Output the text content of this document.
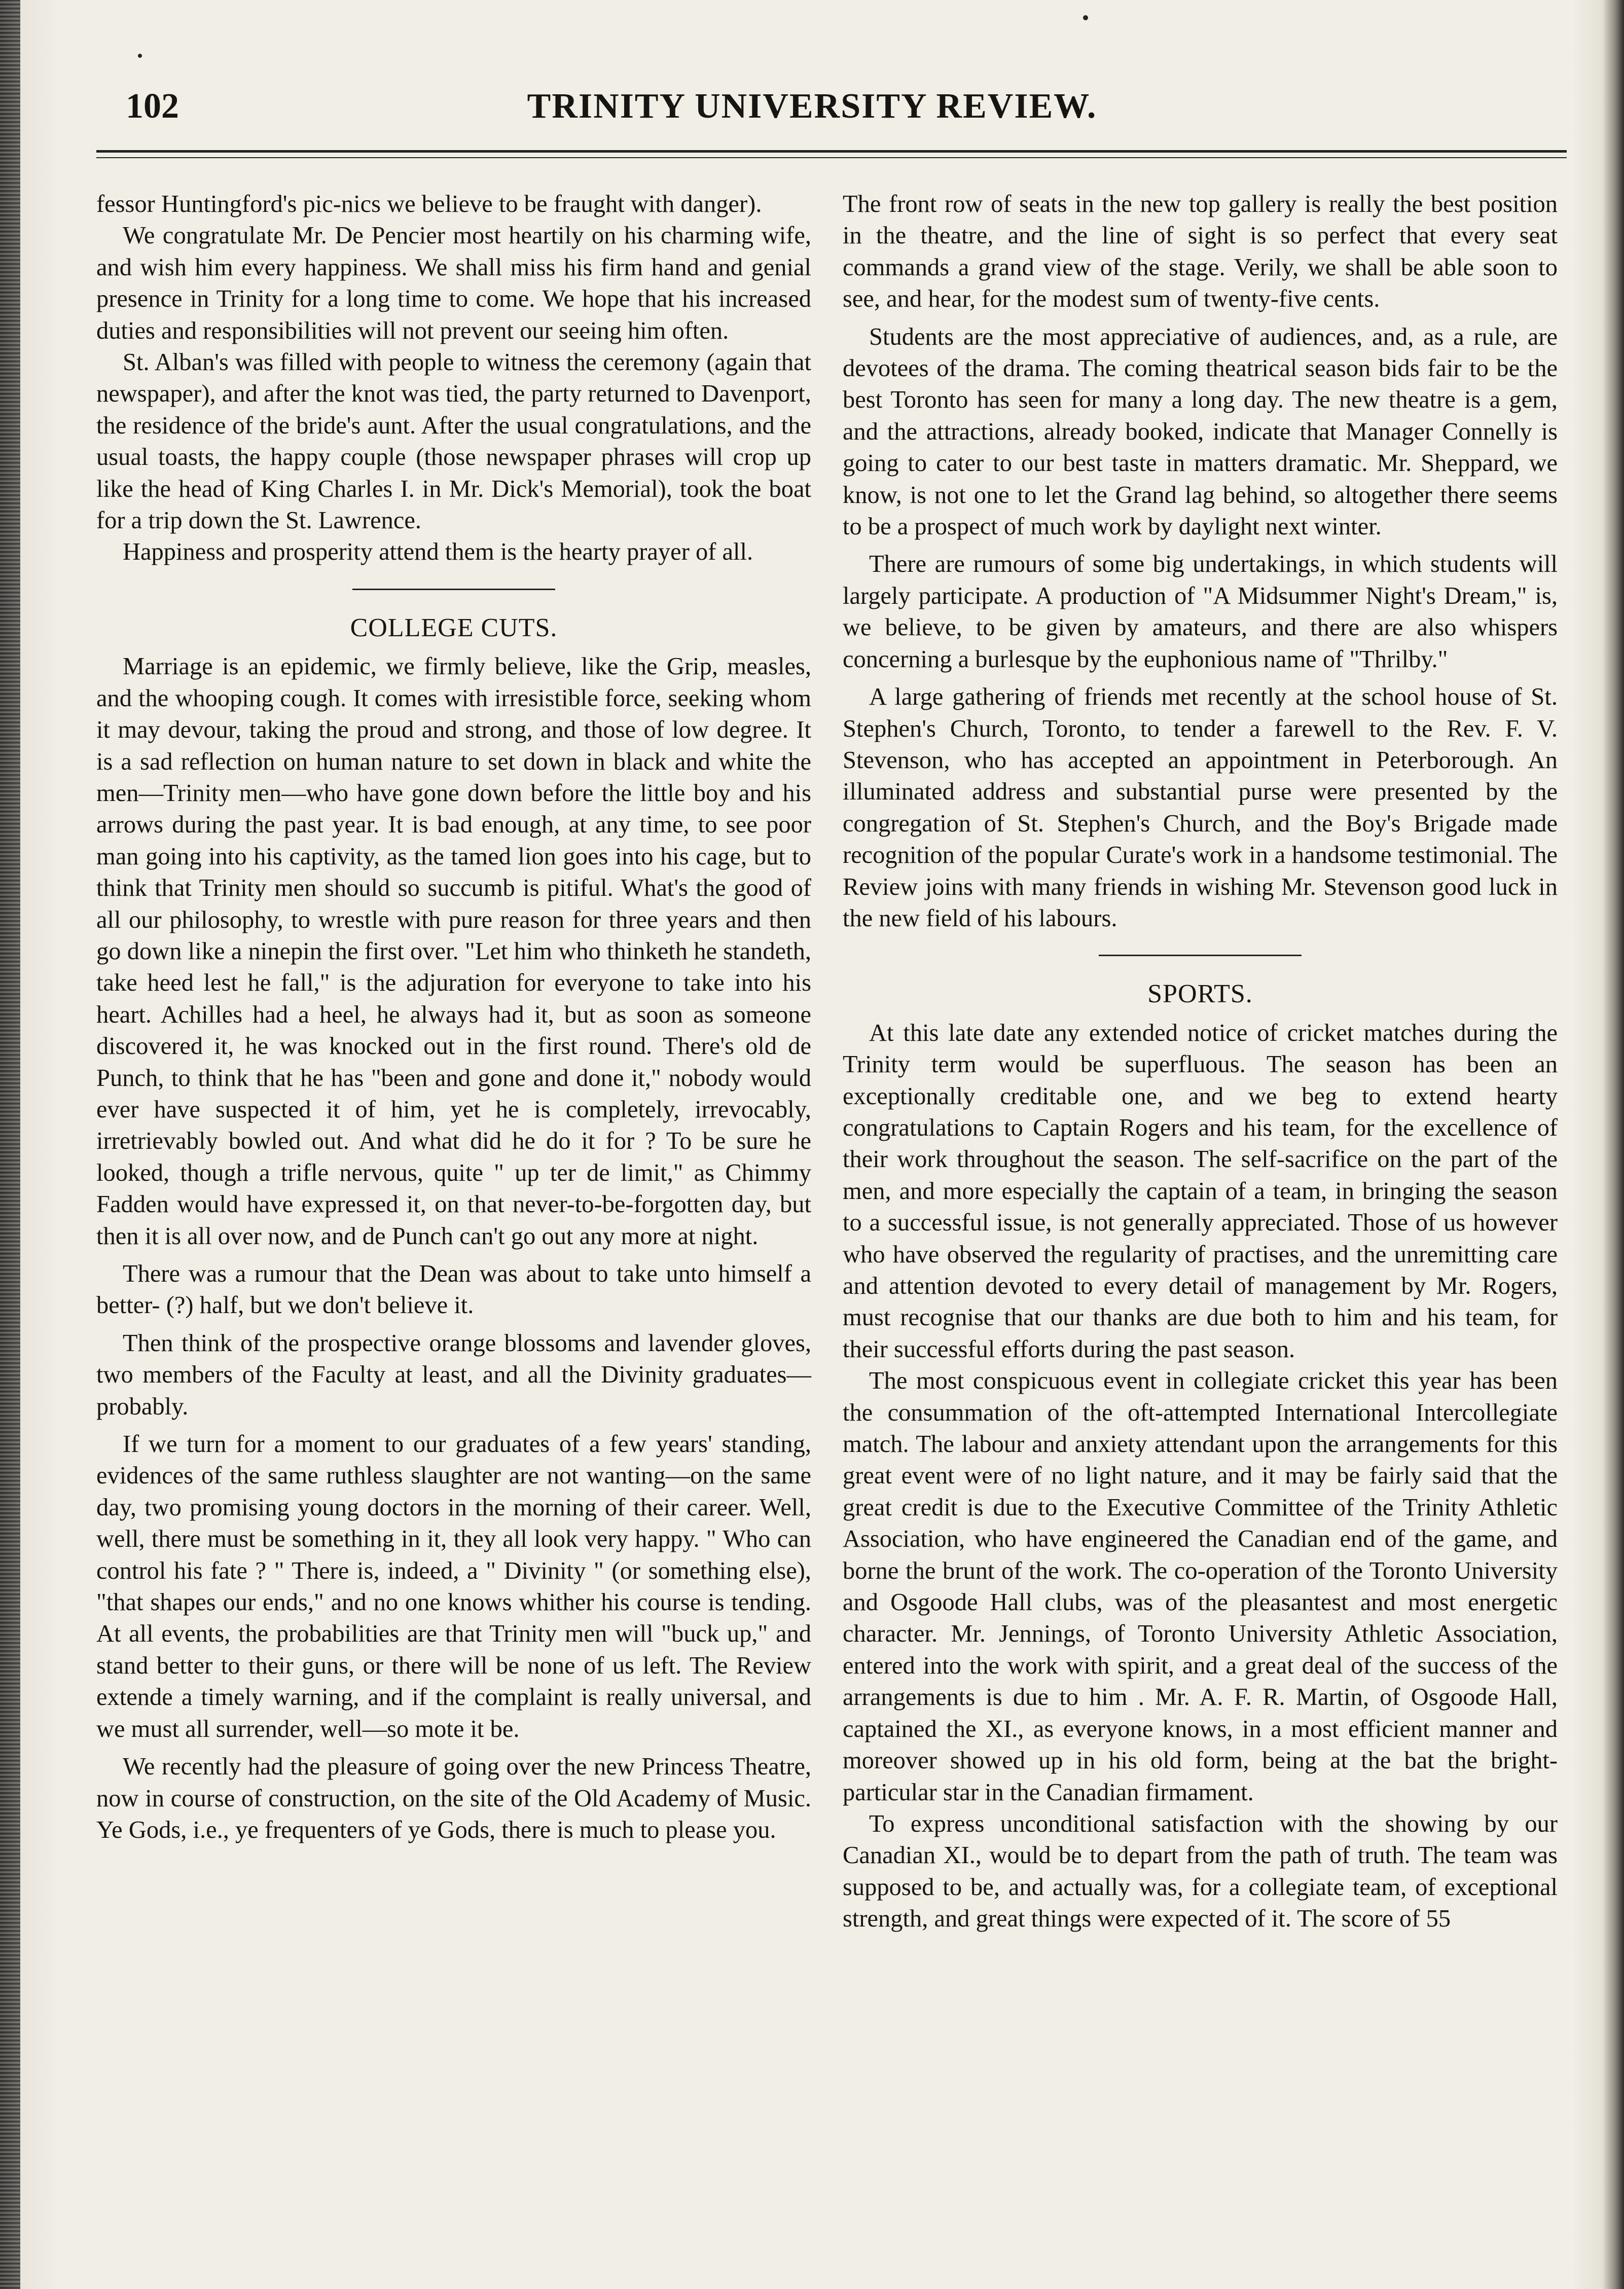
102	TRINITY UNIVERSITY REVIEW.

fessor Huntingford's pic-nics we believe to be fraught with danger).

We congratulate Mr. De Pencier most heartily on his charming wife, and wish him every happiness. We shall miss his firm hand and genial presence in Trinity for a long time to come. We hope that his increased duties and responsibilities will not prevent our seeing him often.

St. Alban's was filled with people to witness the ceremony (again that newspaper), and after the knot was tied, the party returned to Davenport, the residence of the bride's aunt. After the usual congratulations, and the usual toasts, the happy couple (those newspaper phrases will crop up like the head of King Charles I. in Mr. Dick's Memorial), took the boat for a trip down the St. Lawrence.

Happiness and prosperity attend them is the hearty prayer of all.

COLLEGE CUTS.

Marriage is an epidemic, we firmly believe, like the Grip, measles, and the whooping cough. It comes with irresistible force, seeking whom it may devour, taking the proud and strong, and those of low degree. It is a sad reflection on human nature to set down in black and white the men—Trinity men—who have gone down before the little boy and his arrows during the past year. It is bad enough, at any time, to see poor man going into his captivity, as the tamed lion goes into his cage, but to think that Trinity men should so succumb is pitiful. What's the good of all our philosophy, to wrestle with pure reason for three years and then go down like a ninepin the first over. "Let him who thinketh he standeth, take heed lest he fall," is the adjuration for everyone to take into his heart. Achilles had a heel, he always had it, but as soon as someone discovered it, he was knocked out in the first round. There's old de Punch, to think that he has "been and gone and done it," nobody would ever have suspected it of him, yet he is completely, irrevocably, irretrievably bowled out. And what did he do it for ? To be sure he looked, though a trifle nervous, quite " up ter de limit," as Chimmy Fadden would have expressed it, on that never-to-be-forgotten day, but then it is all over now, and de Punch can't go out any more at night.

There was a rumour that the Dean was about to take unto himself a better- (?) half, but we don't believe it.

Then think of the prospective orange blossoms and lavender gloves, two members of the Faculty at least, and all the Divinity graduates—probably.

If we turn for a moment to our graduates of a few years' standing, evidences of the same ruthless slaughter are not wanting—on the same day, two promising young doctors in the morning of their career. Well, well, there must be something in it, they all look very happy. " Who can control his fate ? " There is, indeed, a " Divinity " (or something else), "that shapes our ends," and no one knows whither his course is tending. At all events, the probabilities are that Trinity men will "buck up," and stand better to their guns, or there will be none of us left. The Review extende a timely warning, and if the complaint is really universal, and we must all surrender, well—so mote it be.

We recently had the pleasure of going over the new Princess Theatre, now in course of construction, on the site of the Old Academy of Music. Ye Gods, i.e., ye frequenters of ye Gods, there is much to please you.

The front row of seats in the new top gallery is really the best position in the theatre, and the line of sight is so perfect that every seat commands a grand view of the stage. Verily, we shall be able soon to see, and hear, for the modest sum of twenty-five cents.

Students are the most appreciative of audiences, and, as a rule, are devotees of the drama. The coming theatrical season bids fair to be the best Toronto has seen for many a long day. The new theatre is a gem, and the attractions, already booked, indicate that Manager Connelly is going to cater to our best taste in matters dramatic. Mr. Sheppard, we know, is not one to let the Grand lag behind, so altogether there seems to be a prospect of much work by daylight next winter.

There are rumours of some big undertakings, in which students will largely participate. A production of "A Midsummer Night's Dream," is, we believe, to be given by amateurs, and there are also whispers concerning a burlesque by the euphonious name of "Thrilby."

A large gathering of friends met recently at the school house of St. Stephen's Church, Toronto, to tender a farewell to the Rev. F. V. Stevenson, who has accepted an appointment in Peterborough. An illuminated address and substantial purse were presented by the congregation of St. Stephen's Church, and the Boy's Brigade made recognition of the popular Curate's work in a handsome testimonial. The Review joins with many friends in wishing Mr. Stevenson good luck in the new field of his labours.

SPORTS.

At this late date any extended notice of cricket matches during the Trinity term would be superfluous. The season has been an exceptionally creditable one, and we beg to extend hearty congratulations to Captain Rogers and his team, for the excellence of their work throughout the season. The self-sacrifice on the part of the men, and more especially the captain of a team, in bringing the season to a successful issue, is not generally appreciated. Those of us however who have observed the regularity of practises, and the unremitting care and attention devoted to every detail of management by Mr. Rogers, must recognise that our thanks are due both to him and his team, for their successful efforts during the past season.

The most conspicuous event in collegiate cricket this year has been the consummation of the oft-attempted International Intercollegiate match. The labour and anxiety attendant upon the arrangements for this great event were of no light nature, and it may be fairly said that the great credit is due to the Executive Committee of the Trinity Athletic Association, who have engineered the Canadian end of the game, and borne the brunt of the work. The co-operation of the Toronto University and Osgoode Hall clubs, was of the pleasantest and most energetic character. Mr. Jennings, of Toronto University Athletic Association, entered into the work with spirit, and a great deal of the success of the arrangements is due to him . Mr. A. F. R. Martin, of Osgoode Hall, captained the XI., as everyone knows, in a most efficient manner and moreover showed up in his old form, being at the bat the bright-particular star in the Canadian firmament.

To express unconditional satisfaction with the showing by our Canadian XI., would be to depart from the path of truth. The team was supposed to be, and actually was, for a collegiate team, of exceptional strength, and great things were expected of it. The score of 55
